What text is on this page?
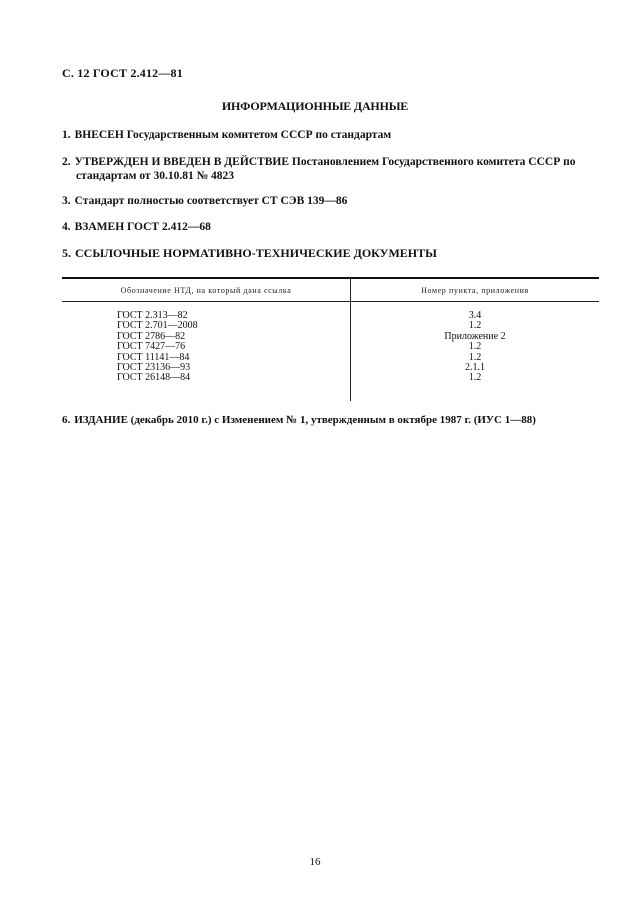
С. 12 ГОСТ 2.412—81
ИНФОРМАЦИОННЫЕ ДАННЫЕ
1. ВНЕСЕН Государственным комитетом СССР по стандартам
2. УТВЕРЖДЕН И ВВЕДЕН В ДЕЙСТВИЕ Постановлением Государственного комитета СССР по
стандартам от 30.10.81 № 4823
3. Стандарт полностью соответствует СТ СЭВ 139—86
4. ВЗАМЕН ГОСТ 2.412—68
5. ССЫЛОЧНЫЕ НОРМАТИВНО-ТЕХНИЧЕСКИЕ ДОКУМЕНТЫ
Обозначение НТД, на который дана ссылка	Номер пункта, приложения
ГОСТ 2.313—82	3.4
ГОСТ 2.701—2008	1.2
ГОСТ 2786—82	Приложение 2
ГОСТ 7427—76	1.2
ГОСТ 11141—84	1.2
ГОСТ 23136—93	2.1.1
ГОСТ 26148—84	1.2
6. ИЗДАНИЕ (декабрь 2010 г.) с Изменением № 1, утвержденным в октябре 1987 г. (ИУС 1—88)
16
